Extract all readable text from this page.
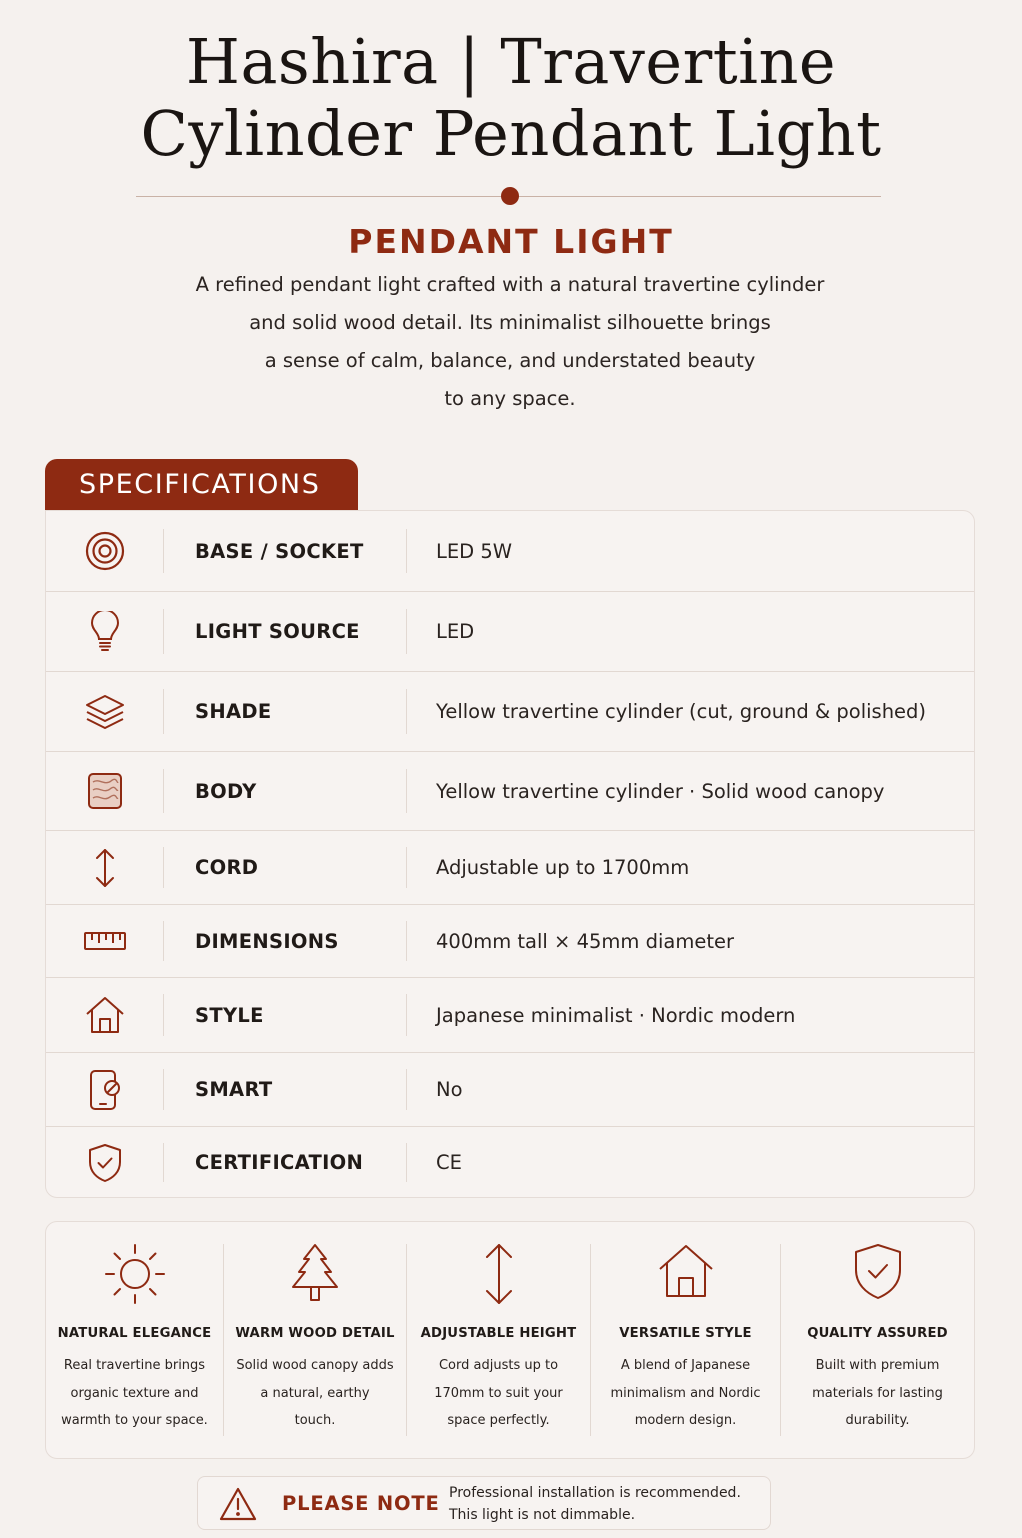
Hashira | Travertine
Cylinder Pendant Light
PENDANT LIGHT
A refined pendant light crafted with a natural travertine cylinder
and solid wood detail. Its minimalist silhouette brings
a sense of calm, balance, and understated beauty
to any space.
SPECIFICATIONS
BASE / SOCKET	LED 5W
LIGHT SOURCE	LED
SHADE	Yellow travertine cylinder (cut, ground & polished)
BODY	Yellow travertine cylinder · Solid wood canopy
CORD	Adjustable up to 1700mm
DIMENSIONS	400mm tall × 45mm diameter
STYLE	Japanese minimalist · Nordic modern
SMART	No
CERTIFICATION	CE
NATURAL ELEGANCE
Real travertine brings
organic texture and
warmth to your space.
WARM WOOD DETAIL
Solid wood canopy adds
a natural, earthy
touch.
ADJUSTABLE HEIGHT
Cord adjusts up to
170mm to suit your
space perfectly.
VERSATILE STYLE
A blend of Japanese
minimalism and Nordic
modern design.
QUALITY ASSURED
Built with premium
materials for lasting
durability.
PLEASE NOTE Professional installation is recommended.
This light is not dimmable.
